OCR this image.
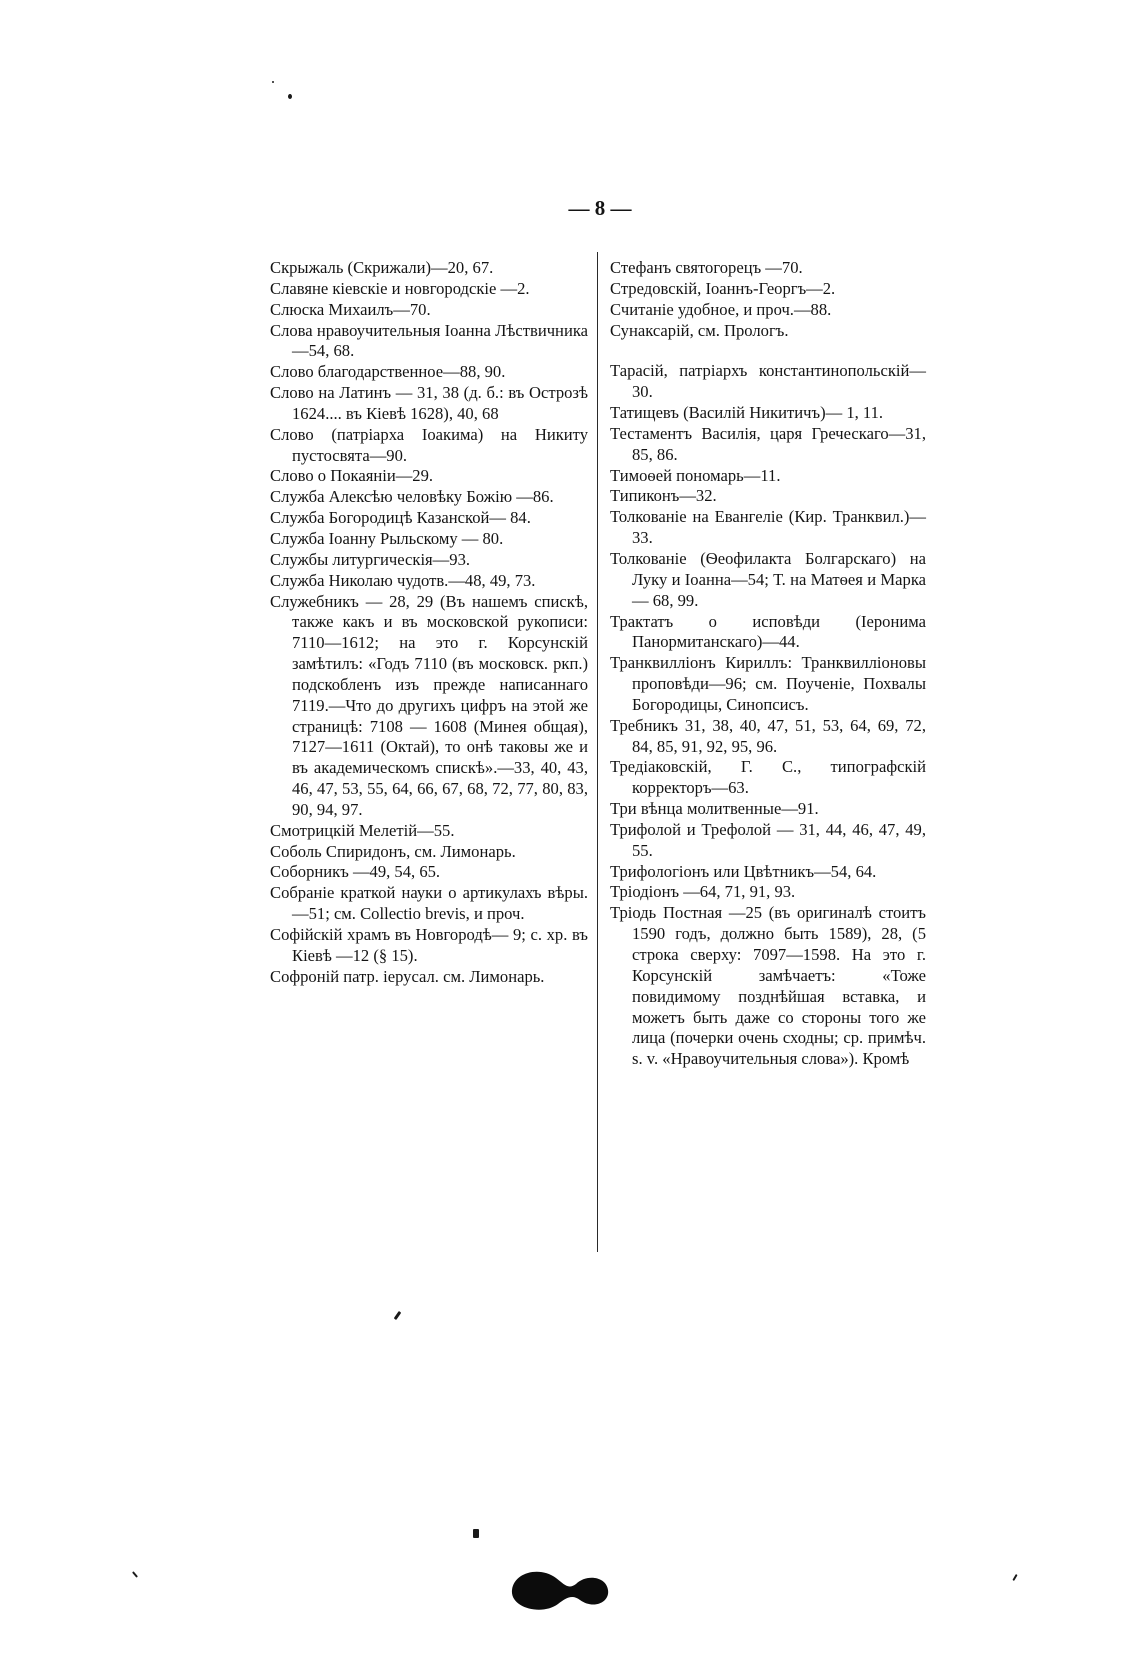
— 8 —
Скрыжаль (Скрижали)—20, 67.
Славяне кіевскіе и новгородскіе —2.
Слюска Михаилъ—70.
Слова нравоучительныя Іоанна Лѣствичника—54, 68.
Слово благодарственное—88, 90.
Слово на Латинъ — 31, 38 (д. б.: въ Острозѣ 1624.... въ Кіевѣ 1628), 40, 68
Слово (патріарха Іоакима) на Никиту пустосвята—90.
Слово о Покаяніи—29.
Служба Алексѣю человѣку Божію —86.
Служба Богородицѣ Казанской— 84.
Служба Іоанну Рыльскому — 80.
Службы литургическія—93.
Служба Николаю чудотв.—48, 49, 73.
Служебникъ — 28, 29 (Въ нашемъ спискѣ, также какъ и въ московской рукописи: 7110—1612; на это г. Корсунскій замѣтилъ: «Годъ 7110 (въ московск. ркп.) подскобленъ изъ прежде написаннаго 7119.—Что до другихъ цифръ на этой же страницѣ: 7108 — 1608 (Минея общая), 7127—1611 (Октай), то онѣ таковы же и въ академическомъ спискѣ».—33, 40, 43, 46, 47, 53, 55, 64, 66, 67, 68, 72, 77, 80, 83, 90, 94, 97.
Смотрицкій Мелетій—55.
Соболь Спиридонъ, см. Лимонарь.
Соборникъ —49, 54, 65.
Собраніе краткой науки о артикулахъ вѣры.—51; см. Collectio brevis, и проч.
Софійскій храмъ въ Новгородѣ— 9; с. хр. въ Кіевѣ —12 (§ 15).
Софроній патр. іерусал. см. Лимонарь.
Стефанъ святогорецъ —70.
Стредовскій, Іоаннъ-Георгъ—2.
Считаніе удобное, и проч.—88.
Сунаксарій, см. Прологъ.
Тарасій, патріархъ константинопольскій—30.
Татищевъ (Василій Никитичъ)— 1, 11.
Тестаментъ Василія, царя Греческаго—31, 85, 86.
Тимоѳей пономарь—11.
Типиконъ—32.
Толкованіе на Евангеліе (Кир. Транквил.)—33.
Толкованіе (Ѳеофилакта Болгарскаго) на Луку и Іоанна—54; Т. на Матѳея и Марка — 68, 99.
Трактатъ о исповѣди (Іеронима Панормитанскаго)—44.
Транквилліонъ Кириллъ: Транквилліоновы проповѣди—96; см. Поученіе, Похвалы Богородицы, Синопсисъ.
Требникъ 31, 38, 40, 47, 51, 53, 64, 69, 72, 84, 85, 91, 92, 95, 96.
Тредіаковскій, Г. С., типографскій корректоръ—63.
Три вѣнца молитвенные—91.
Трифолой и Трефолой — 31, 44, 46, 47, 49, 55.
Трифологіонъ или Цвѣтникъ—54, 64.
Тріодіонъ —64, 71, 91, 93.
Тріодь Постная —25 (въ оригиналѣ стоитъ 1590 годъ, должно быть 1589), 28, (5 строка сверху: 7097—1598. На это г. Корсунскій замѣчаетъ: «Тоже повидимому позднѣйшая вставка, и можетъ быть даже со стороны того же лица (почерки очень сходны; ср. примѣч. s. v. «Нравоучительныя слова»). Кромѣ
